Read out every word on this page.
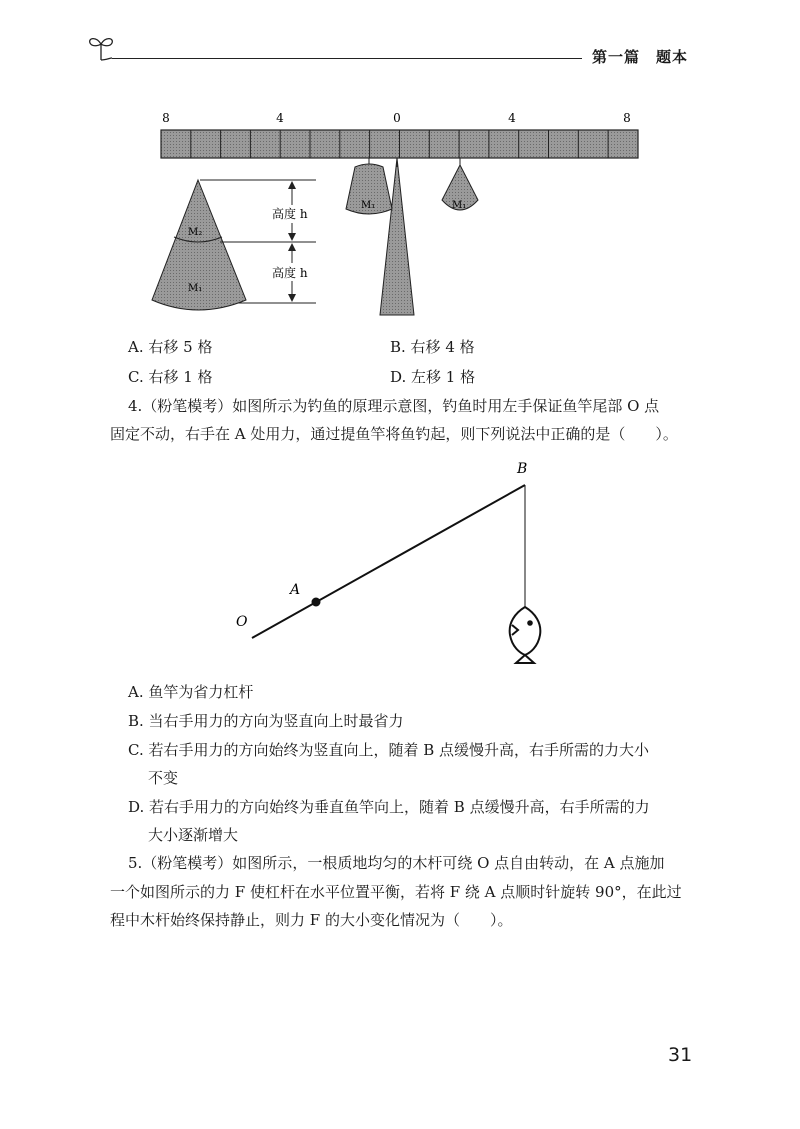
第一篇　 题本
8	4	0	4	8
M₁	M₁
M₂
M₁
高度 h
高度 h
A. 右移 5 格	B. 右移 4 格
C. 右移 1 格	D. 左移 1 格
4.（粉笔模考）如图所示为钓鱼的原理示意图，钓鱼时用左手保证鱼竿尾部 O 点
固定不动，右手在 A 处用力，通过提鱼竿将鱼钓起，则下列说法中正确的是（　　）。
B
A
O
A. 鱼竿为省力杠杆
B. 当右手用力的方向为竖直向上时最省力
C. 若右手用力的方向始终为竖直向上，随着 B 点缓慢升高，右手所需的力大小
不变
D. 若右手用力的方向始终为垂直鱼竿向上，随着 B 点缓慢升高，右手所需的力
大小逐渐增大
5.（粉笔模考）如图所示，一根质地均匀的木杆可绕 O 点自由转动，在 A 点施加
一个如图所示的力 F 使杠杆在水平位置平衡，若将 F 绕 A 点顺时针旋转 90°，在此过
程中木杆始终保持静止，则力 F 的大小变化情况为（　　）。
31
